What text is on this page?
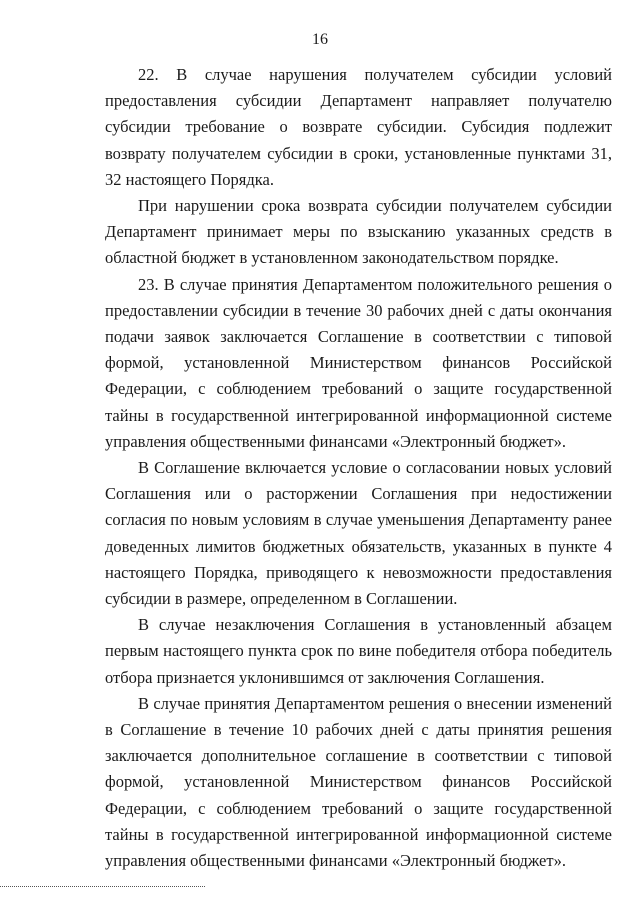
16

22. В случае нарушения получателем субсидии условий предоставления субсидии Департамент направляет получателю субсидии требование о возврате субсидии. Субсидия подлежит возврату получателем субсидии в сроки, установленные пунктами 31, 32 настоящего Порядка.

При нарушении срока возврата субсидии получателем субсидии Департамент принимает меры по взысканию указанных средств в областной бюджет в установленном законодательством порядке.

23. В случае принятия Департаментом положительного решения о предоставлении субсидии в течение 30 рабочих дней с даты окончания подачи заявок заключается Соглашение в соответствии с типовой формой, установленной Министерством финансов Российской Федерации, с соблюдением требований о защите государственной тайны в государственной интегрированной информационной системе управления общественными финансами «Электронный бюджет».

В Соглашение включается условие о согласовании новых условий Соглашения или о расторжении Соглашения при недостижении согласия по новым условиям в случае уменьшения Департаменту ранее доведенных лимитов бюджетных обязательств, указанных в пункте 4 настоящего Порядка, приводящего к невозможности предоставления субсидии в размере, определенном в Соглашении.

В случае незаключения Соглашения в установленный абзацем первым настоящего пункта срок по вине победителя отбора победитель отбора признается уклонившимся от заключения Соглашения.

В случае принятия Департаментом решения о внесении изменений в Соглашение в течение 10 рабочих дней с даты принятия решения заключается дополнительное соглашение в соответствии с типовой формой, установленной Министерством финансов Российской Федерации, с соблюдением требований о защите государственной тайны в государственной интегрированной информационной системе управления общественными финансами «Электронный бюджет».
